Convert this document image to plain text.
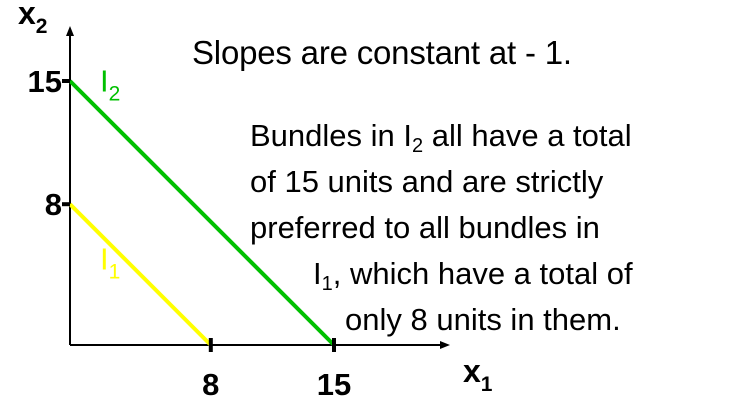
$x_2$
$x_1$
$I_1$
$I_2$
8	15
8
15
Slopes are constant at - 1.
Bundles in $I_2$ all have a total
of 15 units and are strictly
preferred to all bundles in
$I_1$, which have a total of
only 8 units in them.
